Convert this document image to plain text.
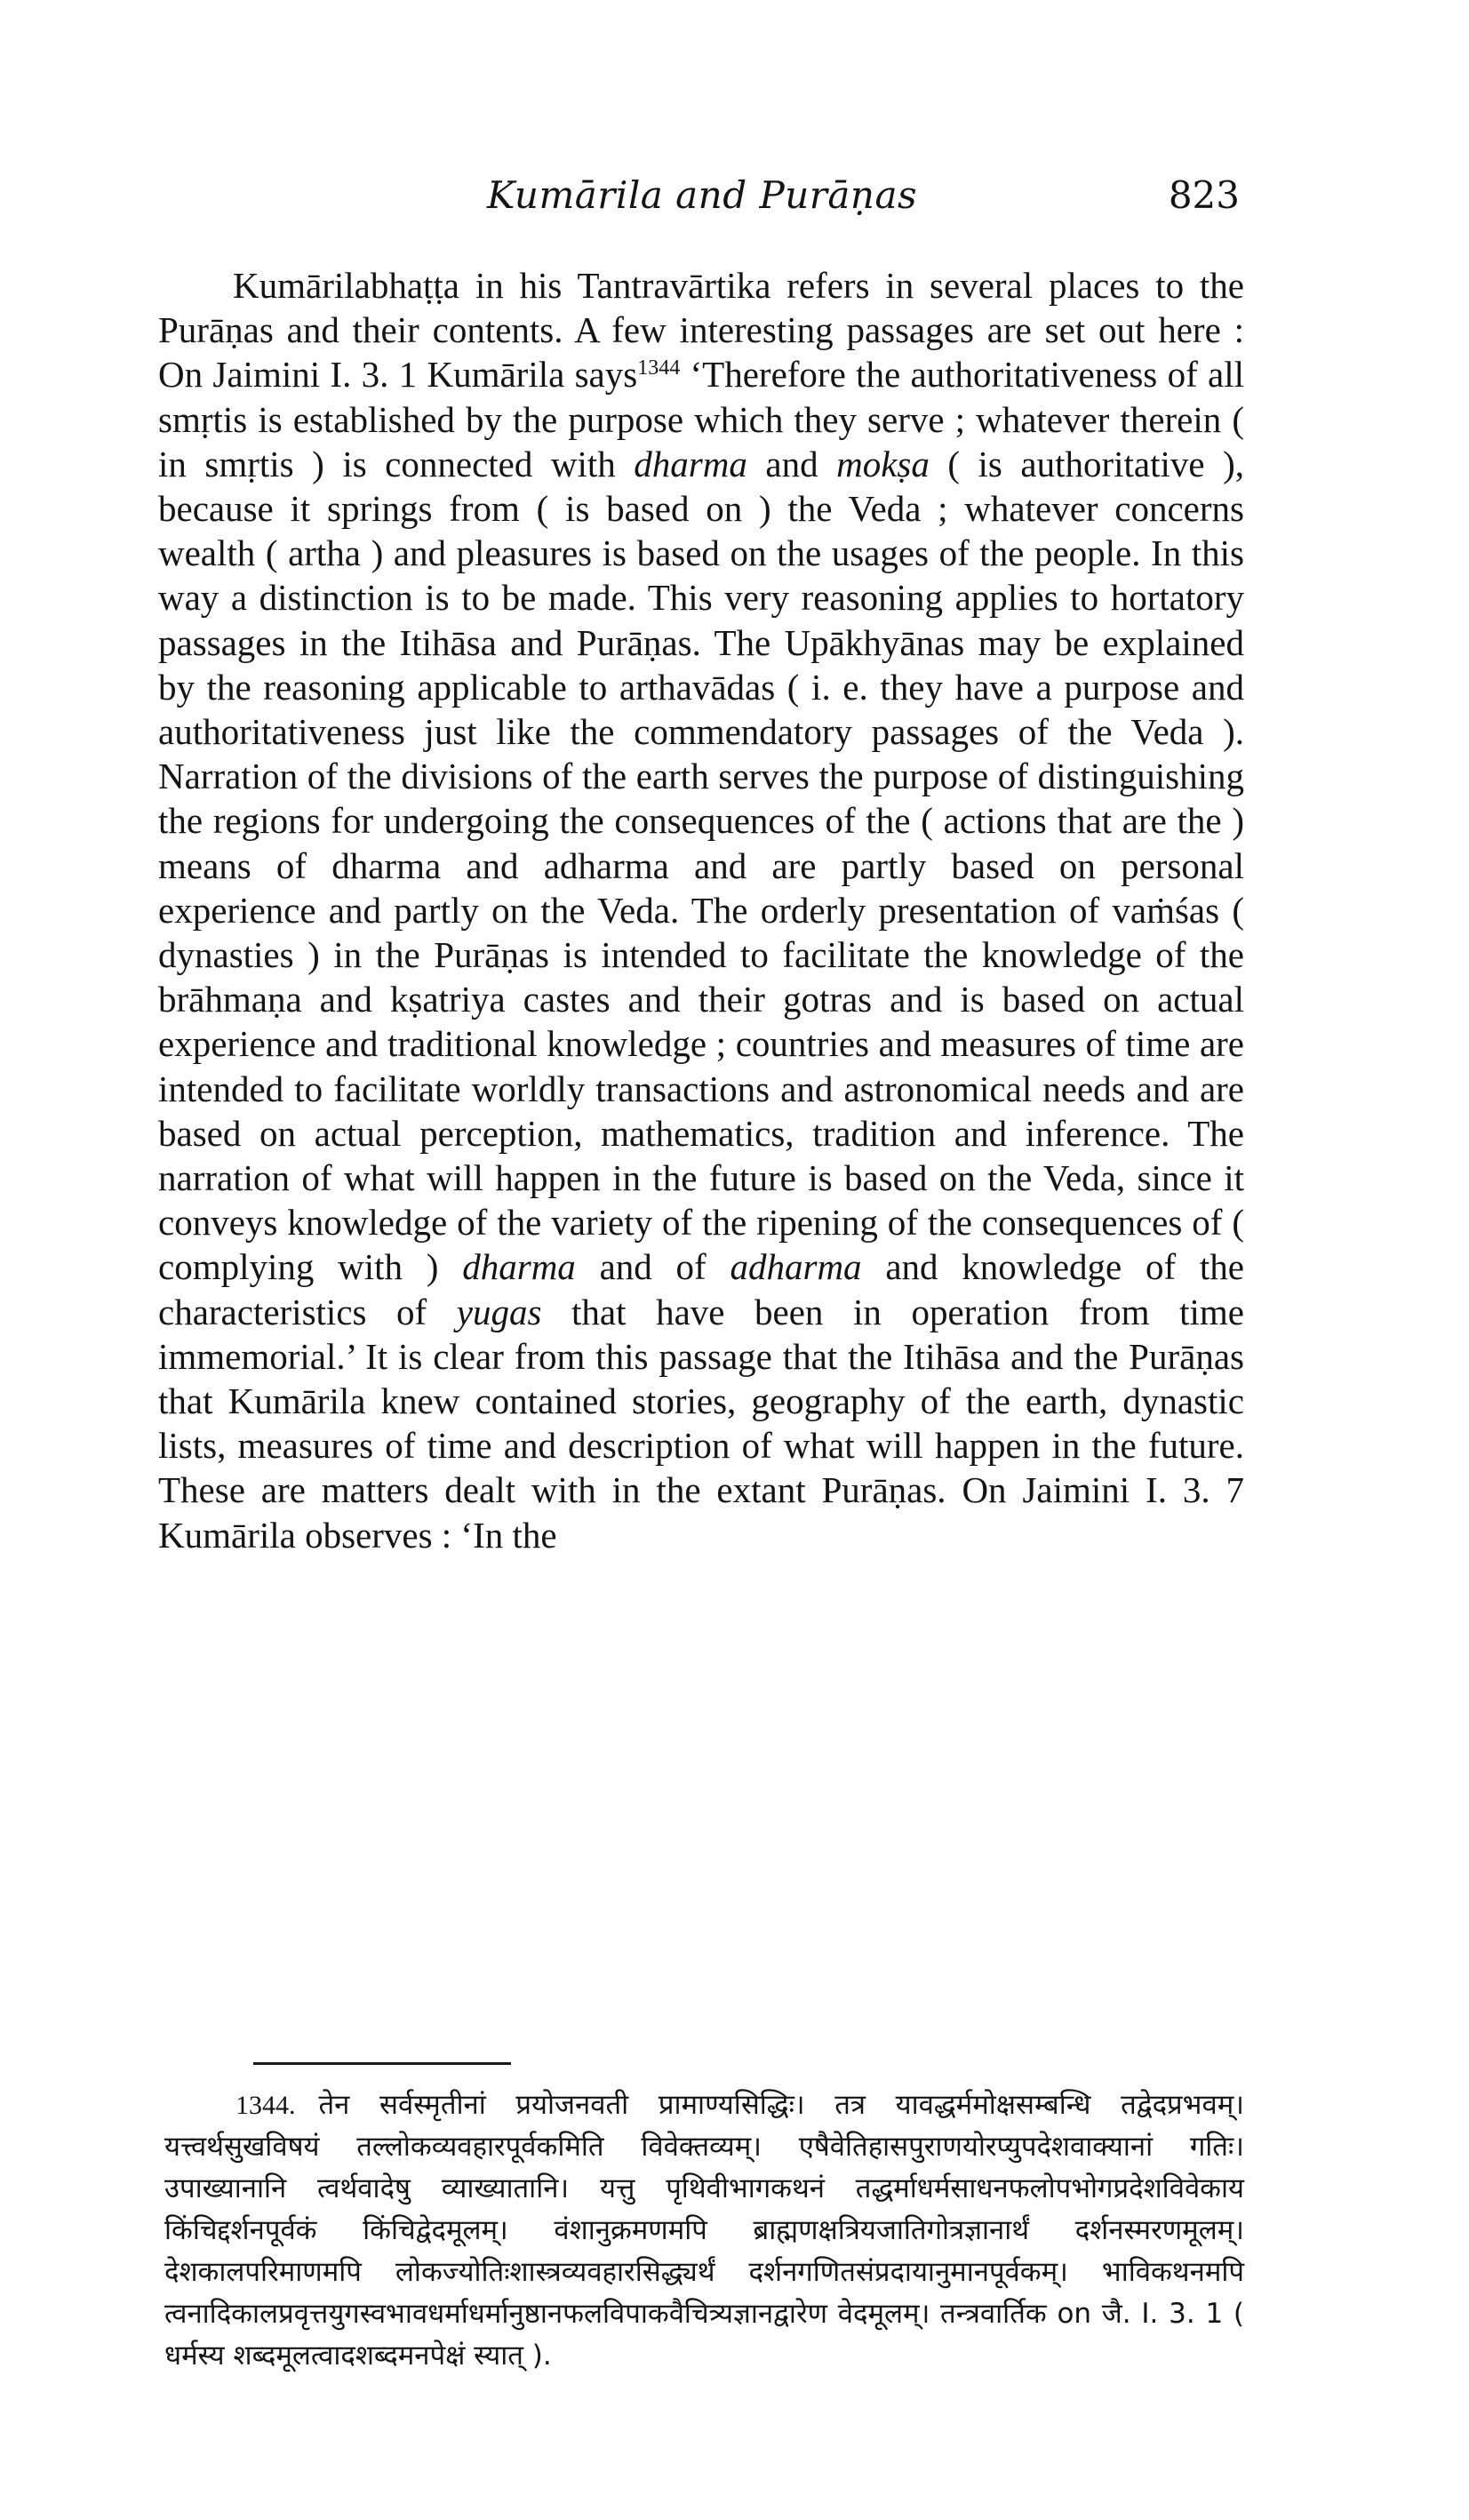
Kumārila and Purāṇas	823

Kumārilabhaṭṭa in his Tantravārtika refers in several places to the Purāṇas and their contents. A few interesting passages are set out here : On Jaimini I. 3. 1 Kumārila says$^{1344}$ ‘Therefore the authoritativeness of all smṛtis is established by the purpose which they serve ; whatever therein ( in smṛtis ) is connected with dharma and mokṣa ( is authoritative ), because it springs from ( is based on ) the Veda ; whatever concerns wealth ( artha ) and pleasures is based on the usages of the people. In this way a distinction is to be made. This very reasoning applies to hortatory passages in the Itihāsa and Purāṇas. The Upākhyānas may be explained by the reasoning applicable to arthavādas ( i. e. they have a purpose and authoritativeness just like the commendatory passages of the Veda ). Narration of the divisions of the earth serves the purpose of distinguishing the regions for undergoing the consequences of the ( actions that are the ) means of dharma and adharma and are partly based on personal experience and partly on the Veda. The orderly presentation of vaṁśas ( dynasties ) in the Purāṇas is intended to facilitate the knowledge of the brāhmaṇa and kṣatriya castes and their gotras and is based on actual experience and traditional knowledge ; countries and measures of time are intended to facilitate worldly transactions and astronomical needs and are based on actual perception, mathematics, tradition and inference. The narration of what will happen in the future is based on the Veda, since it conveys knowledge of the variety of the ripening of the consequences of ( complying with ) dharma and of adharma and knowledge of the characteristics of yugas that have been in operation from time immemorial.’ It is clear from this passage that the Itihāsa and the Purāṇas that Kumārila knew contained stories, geography of the earth, dynastic lists, measures of time and description of what will happen in the future. These are matters dealt with in the extant Purāṇas. On Jaimini I. 3. 7 Kumārila observes : ‘In the

1344. तेन सर्वस्मृतीनां प्रयोजनवती प्रामाण्यसिद्धिः। तत्र यावद्धर्ममोक्षसम्बन्धि तद्वेदप्रभवम्। यत्त्वर्थसुखविषयं तल्लोकव्यवहारपूर्वकमिति विवेक्तव्यम्। एषैवेतिहासपुराणयोरप्युपदेशवाक्यानां गतिः। उपाख्यानानि त्वर्थवादेषु व्याख्यातानि। यत्तु पृथिवीभागकथनं तद्धर्माधर्मसाधनफलोपभोगप्रदेशविवेकाय किंचिद्दर्शनपूर्वकं किंचिद्वेदमूलम्। वंशानुक्रमणमपि ब्राह्मणक्षत्रियजातिगोत्रज्ञानार्थं दर्शनस्मरणमूलम्। देशकालपरिमाणमपि लोकज्योतिःशास्त्रव्यवहारसिद्ध्यर्थं दर्शनगणितसंप्रदायानुमानपूर्वकम्। भाविकथनमपि त्वनादिकालप्रवृत्तयुगस्वभावधर्माधर्मानुष्ठानफलविपाकवैचित्र्यज्ञानद्वारेण वेदमूलम्। तन्त्रवार्तिक on जै. I. 3. 1 ( धर्मस्य शब्दमूलत्वादशब्दमनपेक्षं स्यात् ).
